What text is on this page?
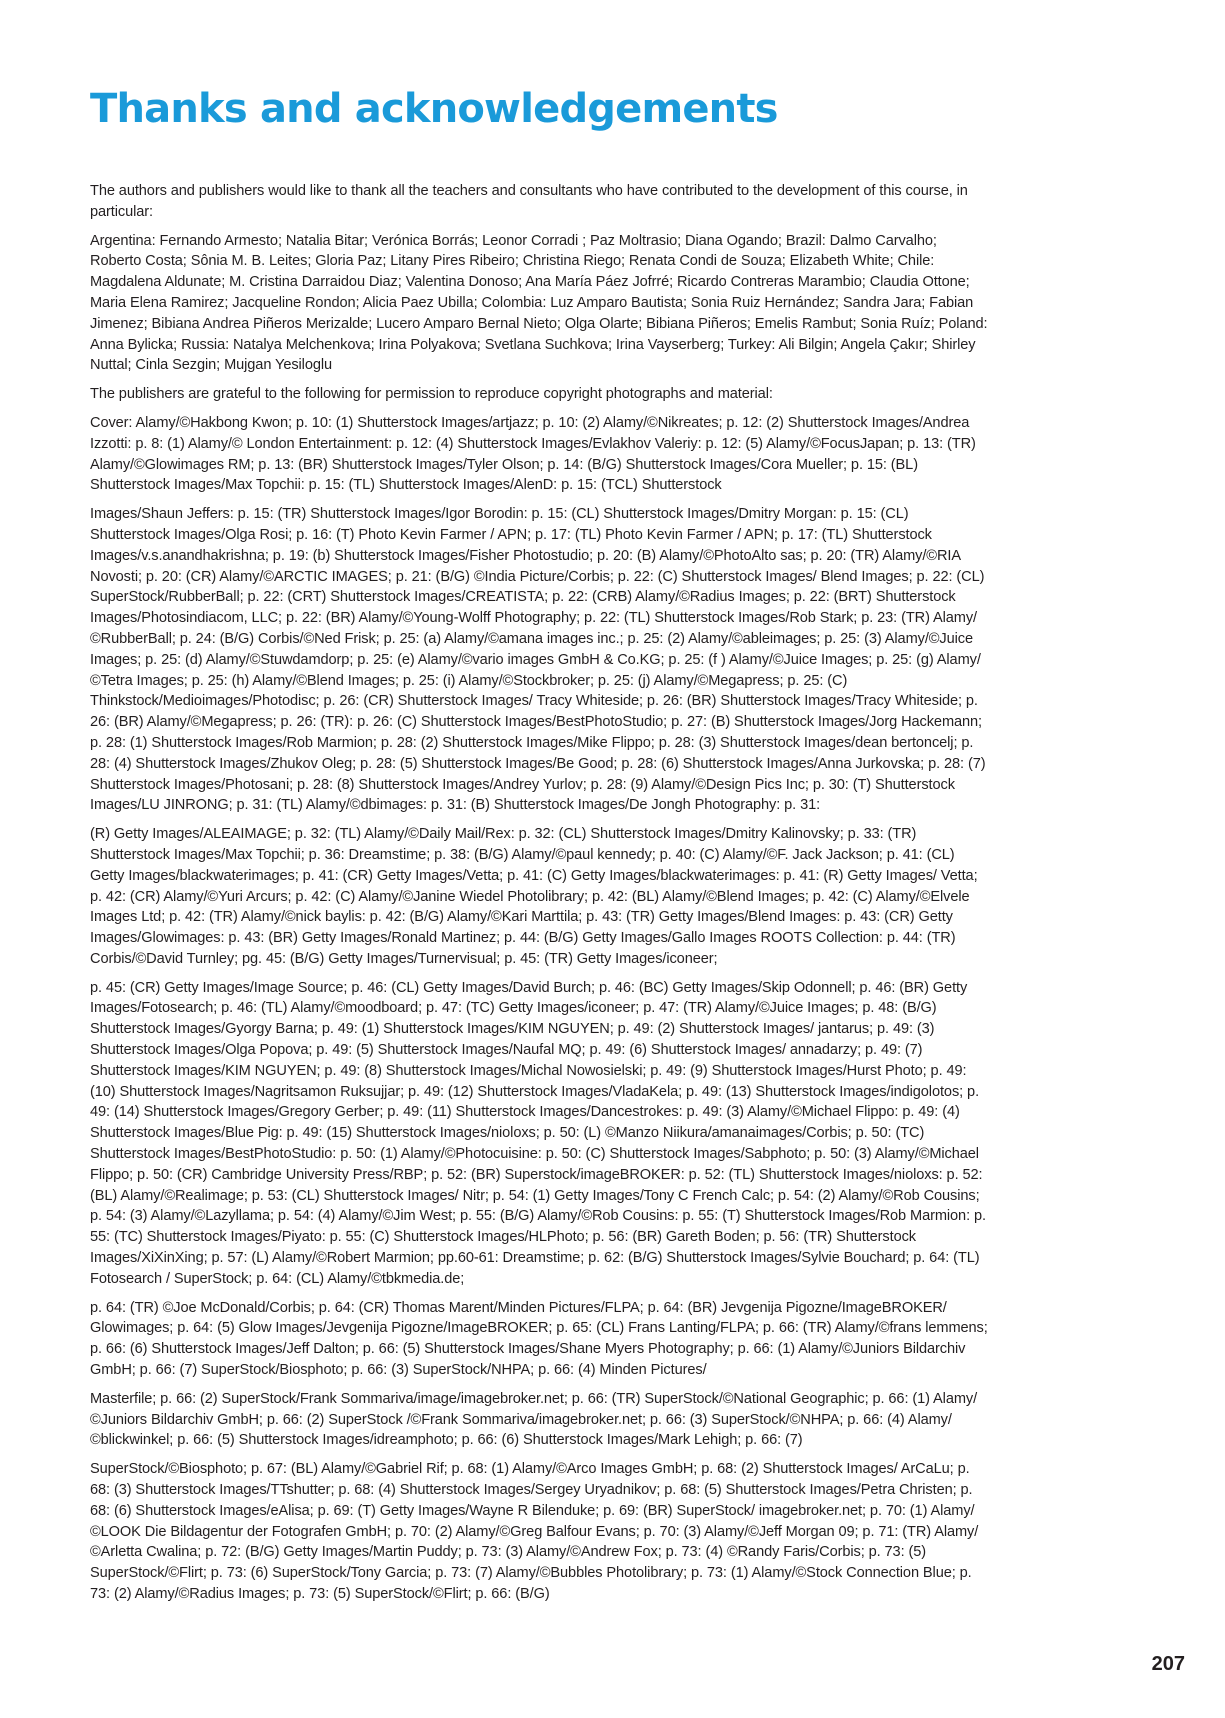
Thanks and acknowledgements

The authors and publishers would like to thank all the teachers and consultants who have contributed to the development of this course, in particular:

Argentina: Fernando Armesto; Natalia Bitar; Verónica Borrás; Leonor Corradi ; Paz Moltrasio; Diana Ogando; Brazil: Dalmo Carvalho; Roberto Costa; Sônia M. B. Leites; Gloria Paz; Litany Pires Ribeiro; Christina Riego; Renata Condi de Souza; Elizabeth White; Chile: Magdalena Aldunate; M. Cristina Darraidou Diaz; Valentina Donoso; Ana María Páez Jofrré; Ricardo Contreras Marambio; Claudia Ottone; Maria Elena Ramirez; Jacqueline Rondon; Alicia Paez Ubilla; Colombia: Luz Amparo Bautista; Sonia Ruiz Hernández; Sandra Jara; Fabian Jimenez; Bibiana Andrea Piñeros Merizalde; Lucero Amparo Bernal Nieto; Olga Olarte; Bibiana Piñeros; Emelis Rambut; Sonia Ruíz; Poland: Anna Bylicka; Russia: Natalya Melchenkova; Irina Polyakova; Svetlana Suchkova; Irina Vayserberg; Turkey: Ali Bilgin; Angela Çakır; Shirley Nuttal; Cinla Sezgin; Mujgan Yesiloglu

The publishers are grateful to the following for permission to reproduce copyright photographs and material:

Cover: Alamy/©Hakbong Kwon; p. 10: (1) Shutterstock Images/artjazz; p. 10: (2) Alamy/©Nikreates; p. 12: (2) Shutterstock Images/Andrea Izzotti: p. 8: (1) Alamy/© London Entertainment: p. 12: (4) Shutterstock Images/Evlakhov Valeriy: p. 12: (5) Alamy/©FocusJapan; p. 13: (TR) Alamy/©Glowimages RM; p. 13: (BR) Shutterstock Images/Tyler Olson; p. 14: (B/G) Shutterstock Images/Cora Mueller; p. 15: (BL) Shutterstock Images/Max Topchii: p. 15: (TL) Shutterstock Images/AlenD: p. 15: (TCL) Shutterstock

Images/Shaun Jeffers: p. 15: (TR) Shutterstock Images/Igor Borodin: p. 15: (CL) Shutterstock Images/Dmitry Morgan: p. 15: (CL) Shutterstock Images/Olga Rosi; p. 16: (T) Photo Kevin Farmer / APN; p. 17: (TL) Photo Kevin Farmer / APN; p. 17: (TL) Shutterstock Images/v.s.anandhakrishna; p. 19: (b) Shutterstock Images/Fisher Photostudio; p. 20: (B) Alamy/©PhotoAlto sas; p. 20: (TR) Alamy/©RIA Novosti; p. 20: (CR) Alamy/©ARCTIC IMAGES; p. 21: (B/G) ©India Picture/Corbis; p. 22: (C) Shutterstock Images/ Blend Images; p. 22: (CL) SuperStock/RubberBall; p. 22: (CRT) Shutterstock Images/CREATISTA; p. 22: (CRB) Alamy/©Radius Images; p. 22: (BRT) Shutterstock Images/Photosindiacom, LLC; p. 22: (BR) Alamy/©Young-Wolff Photography; p. 22: (TL) Shutterstock Images/Rob Stark; p. 23: (TR) Alamy/©RubberBall; p. 24: (B/G) Corbis/©Ned Frisk; p. 25: (a) Alamy/©amana images inc.; p. 25: (2) Alamy/©ableimages; p. 25: (3) Alamy/©Juice Images; p. 25: (d) Alamy/©Stuwdamdorp; p. 25: (e) Alamy/©vario images GmbH & Co.KG; p. 25: (f ) Alamy/©Juice Images; p. 25: (g) Alamy/©Tetra Images; p. 25: (h) Alamy/©Blend Images; p. 25: (i) Alamy/©Stockbroker; p. 25: (j) Alamy/©Megapress; p. 25: (C) Thinkstock/Medioimages/Photodisc; p. 26: (CR) Shutterstock Images/ Tracy Whiteside; p. 26: (BR) Shutterstock Images/Tracy Whiteside; p. 26: (BR) Alamy/©Megapress; p. 26: (TR): p. 26: (C) Shutterstock Images/BestPhotoStudio; p. 27: (B) Shutterstock Images/Jorg Hackemann; p. 28: (1) Shutterstock Images/Rob Marmion; p. 28: (2) Shutterstock Images/Mike Flippo; p. 28: (3) Shutterstock Images/dean bertoncelj; p. 28: (4) Shutterstock Images/Zhukov Oleg; p. 28: (5) Shutterstock Images/Be Good; p. 28: (6) Shutterstock Images/Anna Jurkovska; p. 28: (7) Shutterstock Images/Photosani; p. 28: (8) Shutterstock Images/Andrey Yurlov; p. 28: (9) Alamy/©Design Pics Inc; p. 30: (T) Shutterstock Images/LU JINRONG; p. 31: (TL) Alamy/©dbimages: p. 31: (B) Shutterstock Images/De Jongh Photography: p. 31:

(R) Getty Images/ALEAIMAGE; p. 32: (TL) Alamy/©Daily Mail/Rex: p. 32: (CL) Shutterstock Images/Dmitry Kalinovsky; p. 33: (TR) Shutterstock Images/Max Topchii; p. 36: Dreamstime; p. 38: (B/G) Alamy/©paul kennedy; p. 40: (C) Alamy/©F. Jack Jackson; p. 41: (CL) Getty Images/blackwaterimages; p. 41: (CR) Getty Images/Vetta; p. 41: (C) Getty Images/blackwaterimages: p. 41: (R) Getty Images/ Vetta; p. 42: (CR) Alamy/©Yuri Arcurs; p. 42: (C) Alamy/©Janine Wiedel Photolibrary; p. 42: (BL) Alamy/©Blend Images; p. 42: (C) Alamy/©Elvele Images Ltd; p. 42: (TR) Alamy/©nick baylis: p. 42: (B/G) Alamy/©Kari Marttila; p. 43: (TR) Getty Images/Blend Images: p. 43: (CR) Getty Images/Glowimages: p. 43: (BR) Getty Images/Ronald Martinez; p. 44: (B/G) Getty Images/Gallo Images ROOTS Collection: p. 44: (TR) Corbis/©David Turnley; pg. 45: (B/G) Getty Images/Turnervisual; p. 45: (TR) Getty Images/iconeer;

p. 45: (CR) Getty Images/Image Source; p. 46: (CL) Getty Images/David Burch; p. 46: (BC) Getty Images/Skip Odonnell; p. 46: (BR) Getty Images/Fotosearch; p. 46: (TL) Alamy/©moodboard; p. 47: (TC) Getty Images/iconeer; p. 47: (TR) Alamy/©Juice Images; p. 48: (B/G) Shutterstock Images/Gyorgy Barna; p. 49: (1) Shutterstock Images/KIM NGUYEN; p. 49: (2) Shutterstock Images/ jantarus; p. 49: (3) Shutterstock Images/Olga Popova; p. 49: (5) Shutterstock Images/Naufal MQ; p. 49: (6) Shutterstock Images/ annadarzy; p. 49: (7) Shutterstock Images/KIM NGUYEN; p. 49: (8) Shutterstock Images/Michal Nowosielski; p. 49: (9) Shutterstock Images/Hurst Photo; p. 49: (10) Shutterstock Images/Nagritsamon Ruksujjar; p. 49: (12) Shutterstock Images/VladaKela; p. 49: (13) Shutterstock Images/indigolotos; p. 49: (14) Shutterstock Images/Gregory Gerber; p. 49: (11) Shutterstock Images/Dancestrokes: p. 49: (3) Alamy/©Michael Flippo: p. 49: (4) Shutterstock Images/Blue Pig: p. 49: (15) Shutterstock Images/nioloxs; p. 50: (L) ©Manzo Niikura/amanaimages/Corbis; p. 50: (TC) Shutterstock Images/BestPhotoStudio: p. 50: (1) Alamy/©Photocuisine: p. 50: (C) Shutterstock Images/Sabphoto; p. 50: (3) Alamy/©Michael Flippo; p. 50: (CR) Cambridge University Press/RBP; p. 52: (BR) Superstock/imageBROKER: p. 52: (TL) Shutterstock Images/nioloxs: p. 52: (BL) Alamy/©Realimage; p. 53: (CL) Shutterstock Images/ Nitr; p. 54: (1) Getty Images/Tony C French Calc; p. 54: (2) Alamy/©Rob Cousins; p. 54: (3) Alamy/©Lazyllama; p. 54: (4) Alamy/©Jim West; p. 55: (B/G) Alamy/©Rob Cousins: p. 55: (T) Shutterstock Images/Rob Marmion: p. 55: (TC) Shutterstock Images/Piyato: p. 55: (C) Shutterstock Images/HLPhoto; p. 56: (BR) Gareth Boden; p. 56: (TR) Shutterstock Images/XiXinXing; p. 57: (L) Alamy/©Robert Marmion; pp.60-61: Dreamstime; p. 62: (B/G) Shutterstock Images/Sylvie Bouchard; p. 64: (TL) Fotosearch / SuperStock; p. 64: (CL) Alamy/©tbkmedia.de;

p. 64: (TR) ©Joe McDonald/Corbis; p. 64: (CR) Thomas Marent/Minden Pictures/FLPA; p. 64: (BR) Jevgenija Pigozne/ImageBROKER/ Glowimages; p. 64: (5) Glow Images/Jevgenija Pigozne/ImageBROKER; p. 65: (CL) Frans Lanting/FLPA; p. 66: (TR) Alamy/©frans lemmens; p. 66: (6) Shutterstock Images/Jeff Dalton; p. 66: (5) Shutterstock Images/Shane Myers Photography; p. 66: (1) Alamy/©Juniors Bildarchiv GmbH; p. 66: (7) SuperStock/Biosphoto; p. 66: (3) SuperStock/NHPA; p. 66: (4) Minden Pictures/

Masterfile; p. 66: (2) SuperStock/Frank Sommariva/image/imagebroker.net; p. 66: (TR) SuperStock/©National Geographic; p. 66: (1) Alamy/©Juniors Bildarchiv GmbH; p. 66: (2) SuperStock /©Frank Sommariva/imagebroker.net; p. 66: (3) SuperStock/©NHPA; p. 66: (4) Alamy/©blickwinkel; p. 66: (5) Shutterstock Images/idreamphoto; p. 66: (6) Shutterstock Images/Mark Lehigh; p. 66: (7)

SuperStock/©Biosphoto; p. 67: (BL) Alamy/©Gabriel Rif; p. 68: (1) Alamy/©Arco Images GmbH; p. 68: (2) Shutterstock Images/ ArCaLu; p. 68: (3) Shutterstock Images/TTshutter; p. 68: (4) Shutterstock Images/Sergey Uryadnikov; p. 68: (5) Shutterstock Images/Petra Christen; p. 68: (6) Shutterstock Images/eAlisa; p. 69: (T) Getty Images/Wayne R Bilenduke; p. 69: (BR) SuperStock/ imagebroker.net; p. 70: (1) Alamy/©LOOK Die Bildagentur der Fotografen GmbH; p. 70: (2) Alamy/©Greg Balfour Evans; p. 70: (3) Alamy/©Jeff Morgan 09; p. 71: (TR) Alamy/©Arletta Cwalina; p. 72: (B/G) Getty Images/Martin Puddy; p. 73: (3) Alamy/©Andrew Fox; p. 73: (4) ©Randy Faris/Corbis; p. 73: (5) SuperStock/©Flirt; p. 73: (6) SuperStock/Tony Garcia; p. 73: (7) Alamy/©Bubbles Photolibrary; p. 73: (1) Alamy/©Stock Connection Blue; p. 73: (2) Alamy/©Radius Images; p. 73: (5) SuperStock/©Flirt; p. 66: (B/G)

207
